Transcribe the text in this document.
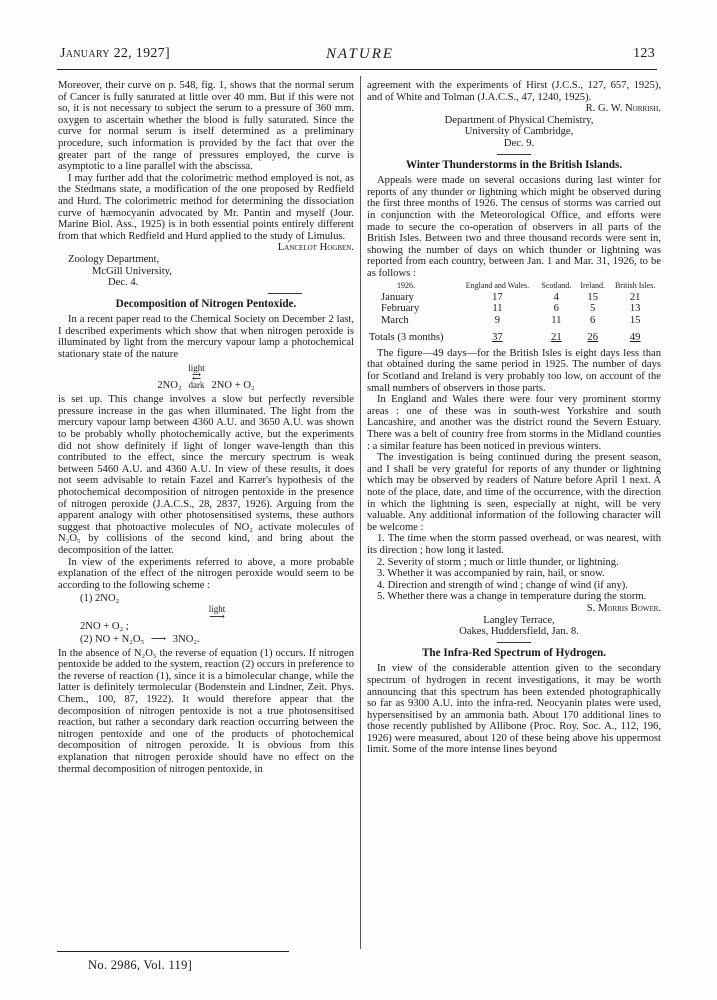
January 22, 1927]	NATURE	123

Moreover, their curve on p. 548, fig. 1, shows that the normal serum of Cancer is fully saturated at little over 40 mm. But if this were not so, it is not necessary to subject the serum to a pressure of 360 mm. oxygen to ascertain whether the blood is fully saturated. Since the curve for normal serum is itself determined as a preliminary procedure, such information is provided by the fact that over the greater part of the range of pressures employed, the curve is asymptotic to a line parallel with the abscissa.

I may further add that the colorimetric method employed is not, as the Stedmans state, a modification of the one proposed by Redfield and Hurd. The colorimetric method for determining the dissociation curve of hæmocyanin advocated by Mr. Pantin and myself (Jour. Marine Biol. Ass., 1925) is in both essential points entirely different from that which Redfield and Hurd applied to the study of Limulus.

Lancelot Hogben.

Zoology Department,

McGill University,

Dec. 4.

Decomposition of Nitrogen Pentoxide.

In a recent paper read to the Chemical Society on December 2 last, I described experiments which show that when nitrogen peroxide is illuminated by light from the mercury vapour lamp a photochemical stationary state of the nature

2NO₂
light
⇄
dark 2NO + O₂

is set up. This change involves a slow but perfectly reversible pressure increase in the gas when illuminated. The light from the mercury vapour lamp between 4360 A.U. and 3650 A.U. was shown to be probably wholly photochemically active, but the experiments did not show definitely if light of longer wave-length than this contributed to the effect, since the mercury spectrum is weak between 5460 A.U. and 4360 A.U. In view of these results, it does not seem advisable to retain Fazel and Karrer's hypothesis of the photochemical decomposition of nitrogen pentoxide in the presence of nitrogen peroxide (J.A.C.S., 28, 2837, 1926). Arguing from the apparent analogy with other photosensitised systems, these authors suggest that photoactive molecules of NO₂ activate molecules of N₂O₅ by collisions of the second kind, and bring about the decomposition of the latter.

In view of the experiments referred to above, a more probable explanation of the effect of the nitrogen peroxide would seem to be according to the following scheme :

(1) 2NO₂
light
⟶
2NO + O₂ ;
(2) NO + N₂O₅ ⟶ 3NO₂.

In the absence of N₂O₅ the reverse of equation (1) occurs. If nitrogen pentoxide be added to the system, reaction (2) occurs in preference to the reverse of reaction (1), since it is a bimolecular change, while the latter is definitely termolecular (Bodenstein and Lindner, Zeit. Phys. Chem., 100, 87, 1922). It would therefore appear that the decomposition of nitrogen pentoxide is not a true photosensitised reaction, but rather a secondary dark reaction occurring between the nitrogen pentoxide and one of the products of photochemical decomposition of nitrogen peroxide. It is obvious from this explanation that nitrogen peroxide should have no effect on the thermal decomposition of nitrogen pentoxide, in

agreement with the experiments of Hirst (J.C.S., 127, 657, 1925), and of White and Tolman (J.A.C.S., 47, 1240, 1925).

R. G. W. Norrish.

Department of Physical Chemistry,

University of Cambridge,

Dec. 9.

Winter Thunderstorms in the British Islands.

Appeals were made on several occasions during last winter for reports of any thunder or lightning which might be observed during the first three months of 1926. The census of storms was carried out in conjunction with the Meteorological Office, and efforts were made to secure the co-operation of observers in all parts of the British Isles. Between two and three thousand records were sent in, showing the number of days on which thunder or lightning was reported from each country, between Jan. 1 and Mar. 31, 1926, to be as follows :

1926.	England and Wales.	Scotland.	Ireland.	British Isles.
January	17	4	15	21
February	11	6	5	13
March	9	11	6	15
Totals (3 months)	37	21	26	49

The figure—49 days—for the British Isles is eight days less than that obtained during the same period in 1925. The number of days for Scotland and Ireland is very probably too low, on account of the small numbers of observers in those parts.

In England and Wales there were four very prominent stormy areas : one of these was in south-west Yorkshire and south Lancashire, and another was the district round the Severn Estuary. There was a belt of country free from storms in the Midland counties : a similar feature has been noticed in previous winters.

The investigation is being continued during the present season, and I shall be very grateful for reports of any thunder or lightning which may be observed by readers of Nature before April 1 next. A note of the place, date, and time of the occurrence, with the direction in which the lightning is seen, especially at night, will be very valuable. Any additional information of the following character will be welcome :

1. The time when the storm passed overhead, or was nearest, with its direction ; how long it lasted.

2. Severity of storm ; much or little thunder, or lightning.

3. Whether it was accompanied by rain, hail, or snow.

4. Direction and strength of wind ; change of wind (if any).

5. Whether there was a change in temperature during the storm.

S. Morris Bower.

Langley Terrace,

Oakes, Huddersfield, Jan. 8.

The Infra-Red Spectrum of Hydrogen.

In view of the considerable attention given to the secondary spectrum of hydrogen in recent investigations, it may be worth announcing that this spectrum has been extended photographically so far as 9300 A.U. into the infra-red. Neocyanin plates were used, hypersensitised by an ammonia bath. About 170 additional lines to those recently published by Allibone (Proc. Roy. Soc. A., 112, 196, 1926) were measured, about 120 of these being above his uppermost limit. Some of the more intense lines beyond

No. 2986, Vol. 119]
